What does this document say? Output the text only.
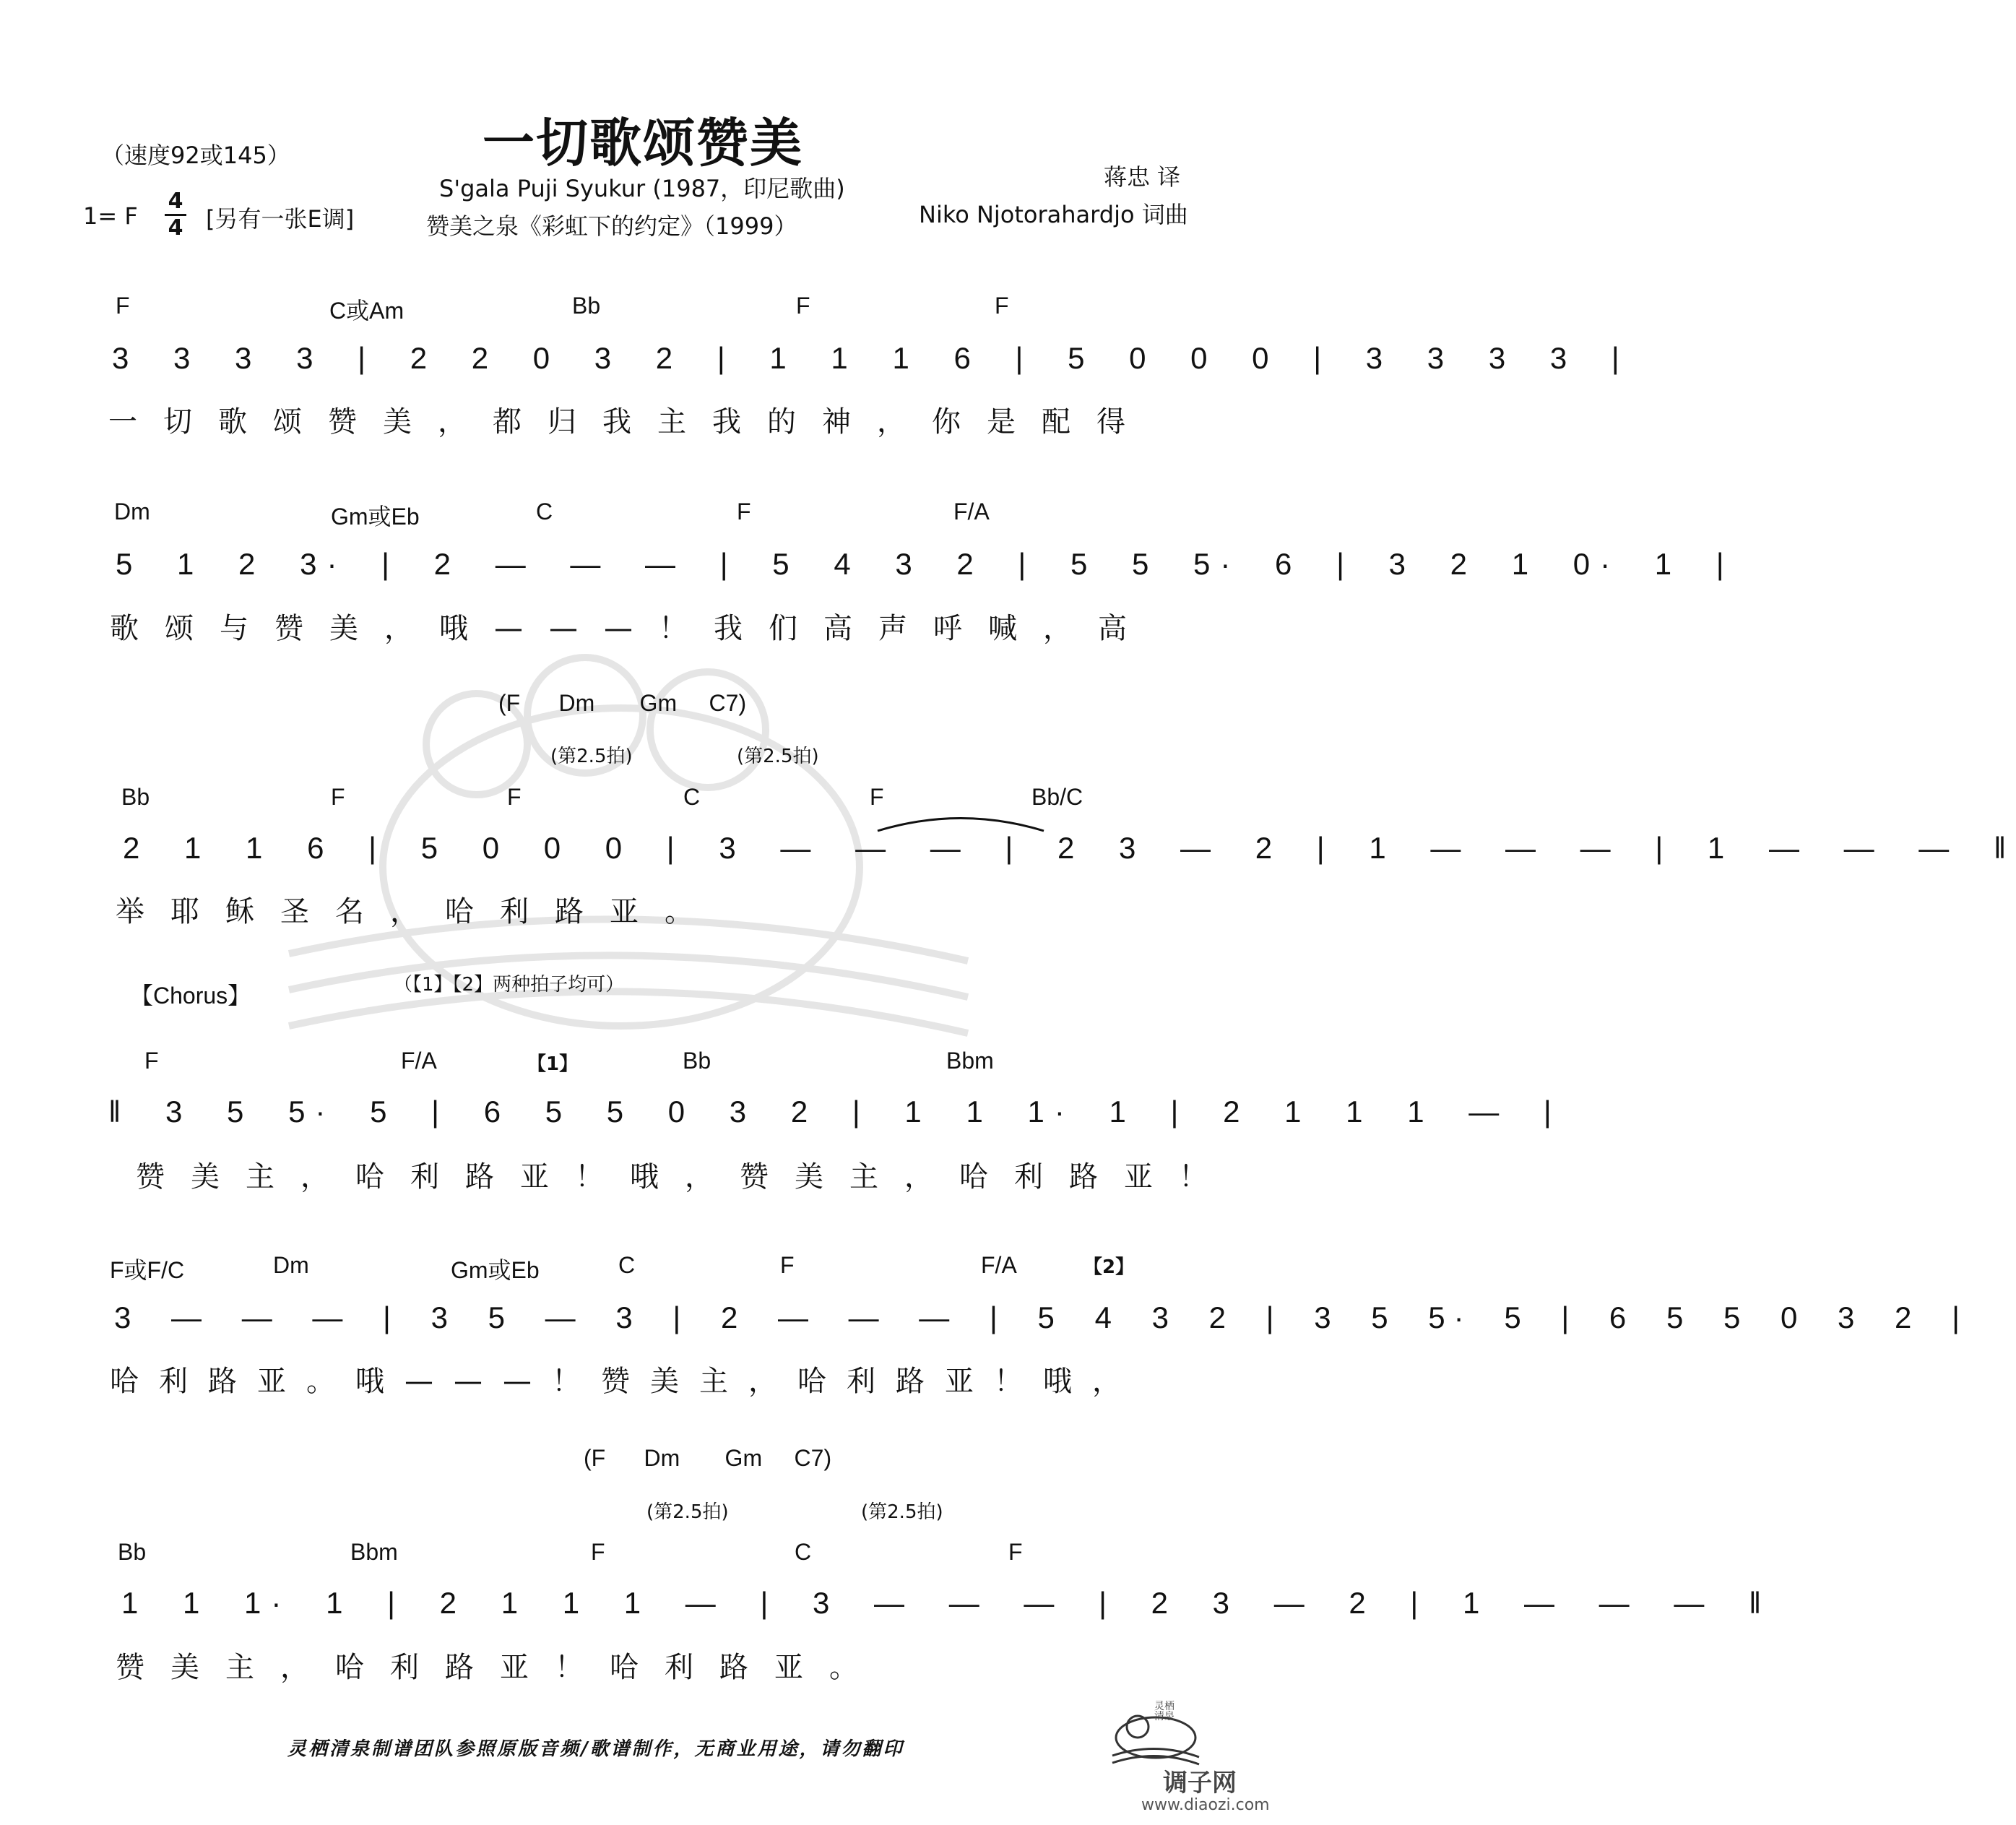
一切歌颂赞美
（速度92或145）
1= F
4
4 [另有一张E调]
S'gala Puji Syukur (1987，印尼歌曲)
赞美之泉《彩虹下的约定》（1999）
蒋忠 译
Niko Njotorahardjo 词曲
F	C或Am	Bb	F	F
3 3 3 3 | 2 2 0 3 2 | 1 1 1 6 | 5 0 0 0 | 3 3 3 3 |
一切歌颂赞美，都归我主我的神，你是配得
Dm	Gm或Eb	C	F	F/A
5 1 2 3· | 2 — — — | 5 4 3 2 | 5 5 5· 6 | 3 2 1 0· 1 |
歌颂与赞美，哦———！我们高声呼喊，高
(F      Dm       Gm     C7)
(第2.5拍)	(第2.5拍)
Bb	F	F	C	F	Bb/C
2 1 1 6 | 5 0 0 0 | 3 — — — | 2 3 — 2 | 1 — — — | 1 — — — ‖
举耶稣圣名，哈利路亚。
【Chorus】	（【1】【2】两种拍子均可）
【1】
F	F/A	Bb	Bbm
‖ 3 5 5· 5 | 6 5 5 0 3 2 | 1 1 1· 1 | 2 1 1 1 — |
赞美主，哈利路亚！哦，赞美主，哈利路亚！
【2】
F或F/C	Dm	Gm或Eb	C	F	F/A
3 — — — | 3 5 — 3 | 2 — — — | 5 4 3 2 | 3 5 5· 5 | 6 5 5 0 3 2 |
哈利路亚。哦———！赞美主，哈利路亚！哦，
(F      Dm       Gm     C7)
(第2.5拍)	(第2.5拍)
Bb	Bbm	F	C	F
1 1 1· 1 | 2 1 1 1 — | 3 — — — | 2 3 — 2 | 1 — — — ‖
赞美主，哈利路亚！哈利路亚。
灵栖清泉制谱团队参照原版音频/歌谱制作，无商业用途，请勿翻印
灵栖清泉
调子网
www.diaozi.com
